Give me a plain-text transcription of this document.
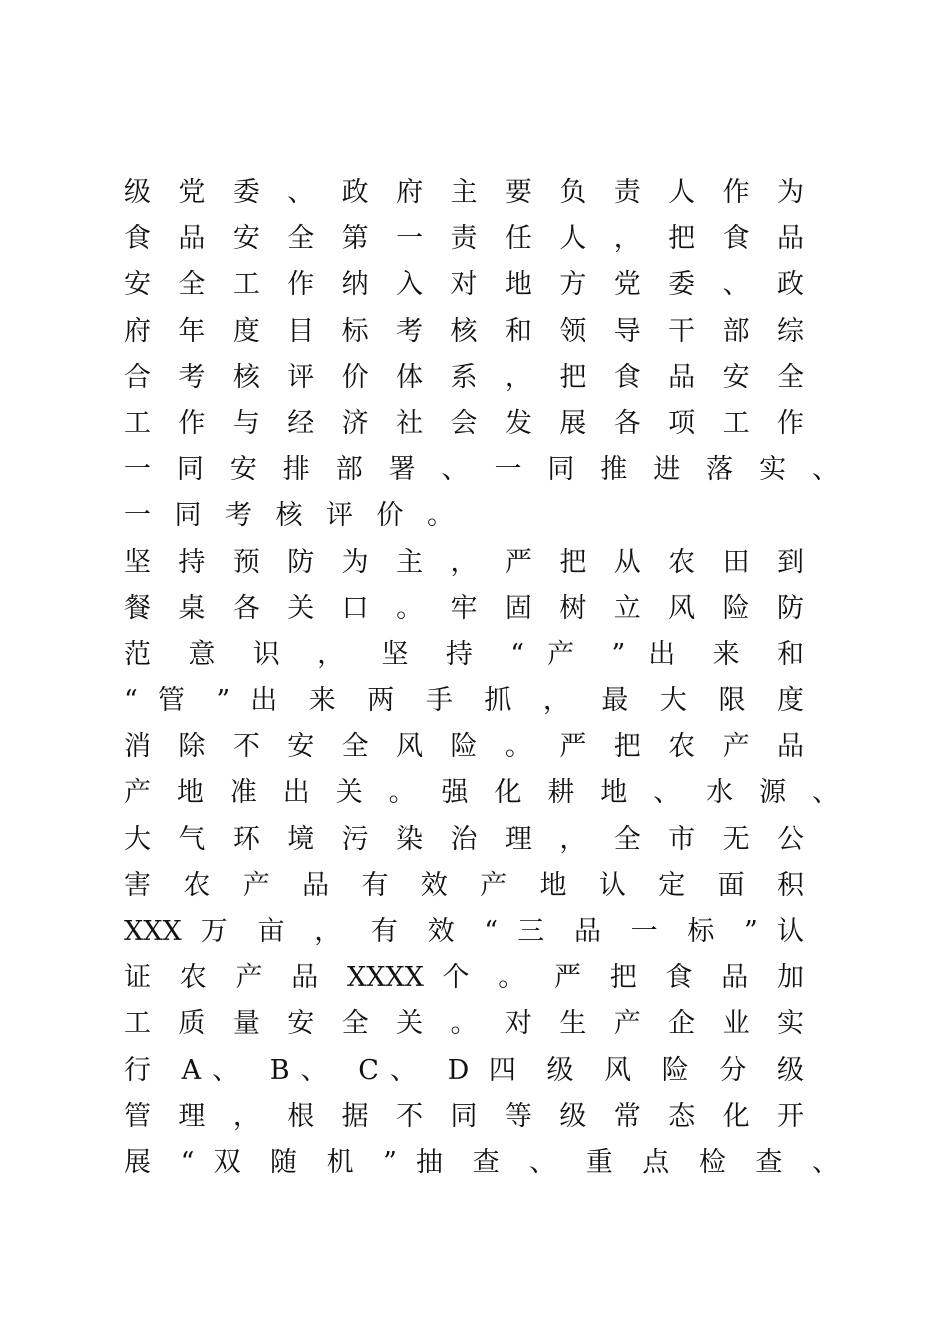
级 党 委 、 政 府 主 要 负 责 人 作 为
食 品 安 全 第 一 责 任 人 ， 把 食 品
安 全 工 作 纳 入 对 地 方 党 委 、 政
府 年 度 目 标 考 核 和 领 导 干 部 综
合 考 核 评 价 体 系 ， 把 食 品 安 全
工 作 与 经 济 社 会 发 展 各 项 工 作
一 同 安 排 部 署 、 一 同 推 进 落 实 、
一 同 考 核 评 价 。
坚 持 预 防 为 主 ， 严 把 从 农 田 到
餐 桌 各 关 口 。 牢 固 树 立 风 险 防
范 意 识 ， 坚 持 “ 产 ” 出 来 和
“ 管 ” 出 来 两 手 抓 ， 最 大 限 度
消 除 不 安 全 风 险 。 严 把 农 产 品
产 地 准 出 关 。 强 化 耕 地 、 水 源 、
大 气 环 境 污 染 治 理 ， 全 市 无 公
害 农 产 品 有 效 产 地 认 定 面 积
XXX 万 亩 ， 有 效 “ 三 品 一 标 ” 认
证 农 产 品 XXXX 个 。 严 把 食 品 加
工 质 量 安 全 关 。 对 生 产 企 业 实
行 A、 B、 C、 D 四 级 风 险 分 级
管 理 ， 根 据 不 同 等 级 常 态 化 开
展 “ 双 随 机 ” 抽 查 、 重 点 检 查 、
